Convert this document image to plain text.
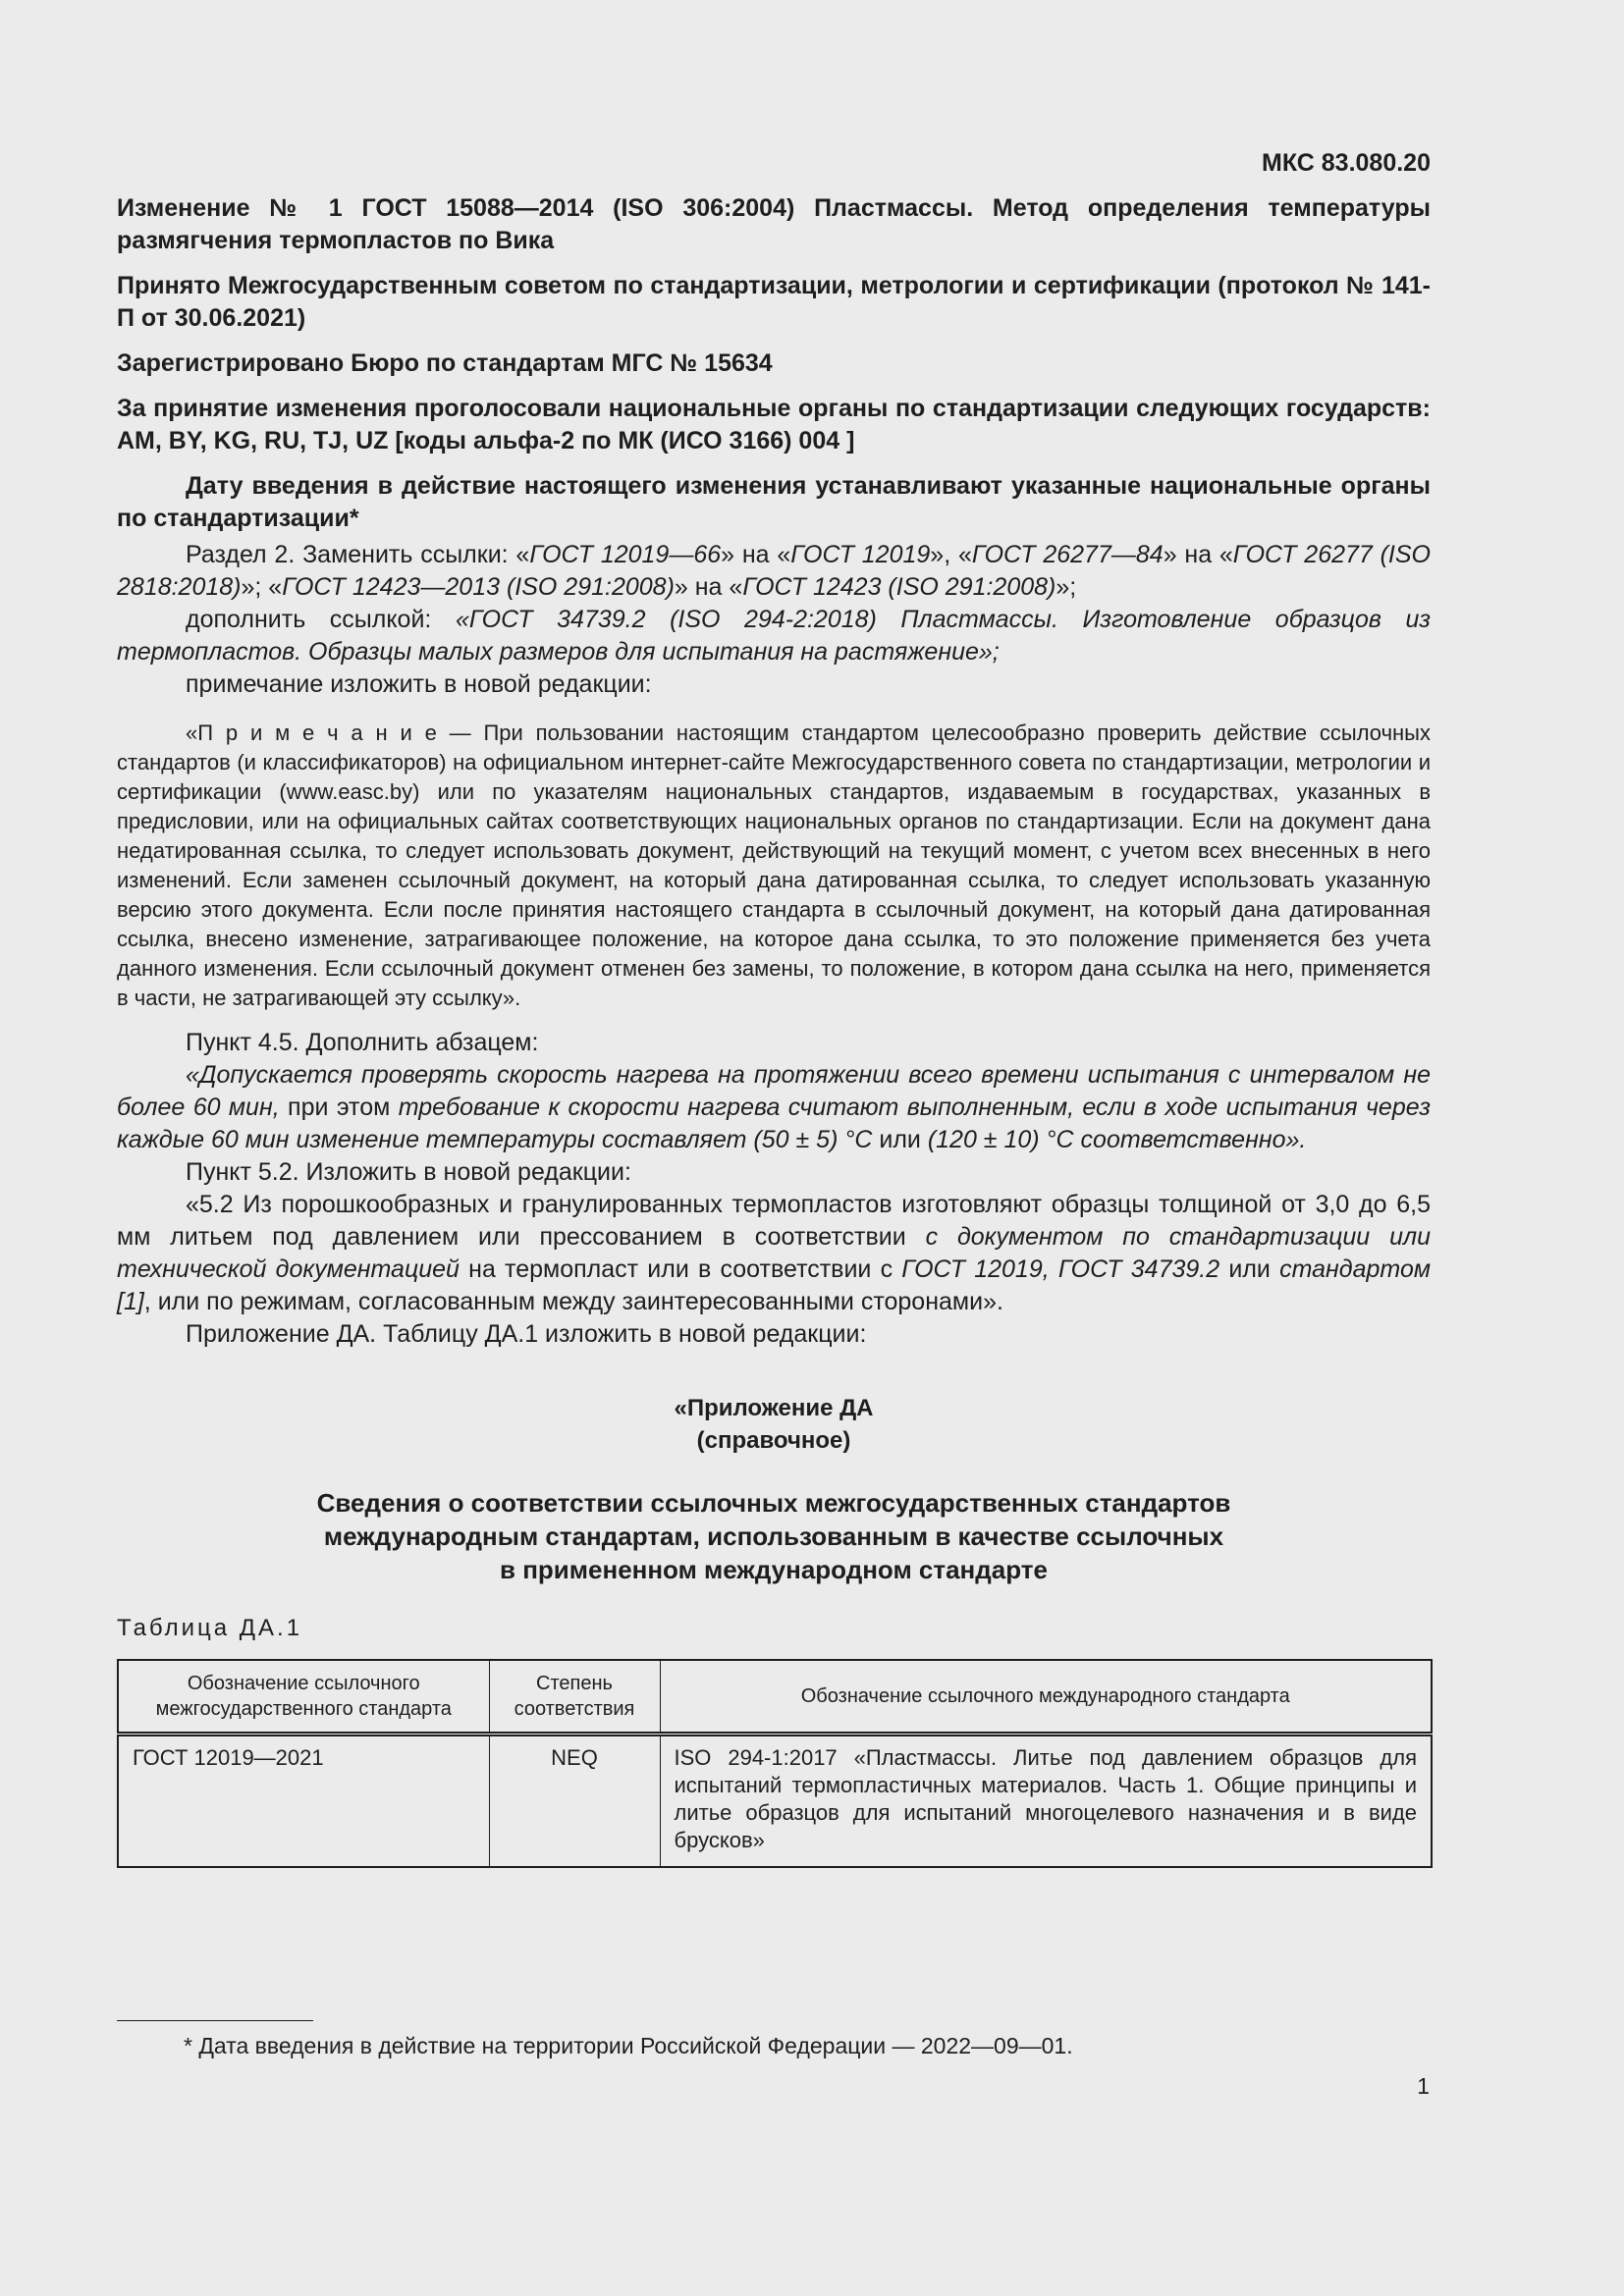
МКС 83.080.20
Изменение № 1 ГОСТ 15088—2014 (ISO 306:2004) Пластмассы. Метод определения температуры размягчения термопластов по Вика
Принято Межгосударственным советом по стандартизации, метрологии и сертификации (протокол № 141-П от 30.06.2021)
Зарегистрировано Бюро по стандартам МГС № 15634
За принятие изменения проголосовали национальные органы по стандартизации следующих государств: AM, BY, KG, RU, TJ, UZ [коды альфа-2 по МК (ИСО 3166) 004 ]
Дату введения в действие настоящего изменения устанавливают указанные национальные органы по стандартизации*

Раздел 2. Заменить ссылки: «ГОСТ 12019—66» на «ГОСТ 12019», «ГОСТ 26277—84» на «ГОСТ 26277 (ISO 2818:2018)»; «ГОСТ 12423—2013 (ISO 291:2008)» на «ГОСТ 12423 (ISO 291:2008)»;

дополнить ссылкой: «ГОСТ 34739.2 (ISO 294-2:2018) Пластмассы. Изготовление образцов из термопластов. Образцы малых размеров для испытания на растяжение»;

примечание изложить в новой редакции:

«П р и м е ч а н и е — При пользовании настоящим стандартом целесообразно проверить действие ссылочных стандартов (и классификаторов) на официальном интернет-сайте Межгосударственного совета по стандартизации, метрологии и сертификации (www.easc.by) или по указателям национальных стандартов, издаваемым в государствах, указанных в предисловии, или на официальных сайтах соответствующих национальных органов по стандартизации. Если на документ дана недатированная ссылка, то следует использовать документ, действующий на текущий момент, с учетом всех внесенных в него изменений. Если заменен ссылочный документ, на который дана датированная ссылка, то следует использовать указанную версию этого документа. Если после принятия настоящего стандарта в ссылочный документ, на который дана датированная ссылка, внесено изменение, затрагивающее положение, на которое дана ссылка, то это положение применяется без учета данного изменения. Если ссылочный документ отменен без замены, то положение, в котором дана ссылка на него, применяется в части, не затрагивающей эту ссылку».

Пункт 4.5. Дополнить абзацем:

«Допускается проверять скорость нагрева на протяжении всего времени испытания с интервалом не более 60 мин, при этом требование к скорости нагрева считают выполненным, если в ходе испытания через каждые 60 мин изменение температуры составляет (50 ± 5) °С или (120 ± 10) °С соответственно».

Пункт 5.2. Изложить в новой редакции:

«5.2 Из порошкообразных и гранулированных термопластов изготовляют образцы толщиной от 3,0 до 6,5 мм литьем под давлением или прессованием в соответствии с документом по стандартизации или технической документацией на термопласт или в соответствии с ГОСТ 12019, ГОСТ 34739.2 или стандартом [1], или по режимам, согласованным между заинтересованными сторонами».

Приложение ДА. Таблицу ДА.1 изложить в новой редакции:

«Приложение ДА
(справочное)
Сведения о соответствии ссылочных межгосударственных стандартов
международным стандартам, использованным в качестве ссылочных
в примененном международном стандарте
Таблица ДА.1
Обозначение ссылочного межгосударственного стандарта	Степень соответствия	Обозначение ссылочного международного стандарта
ГОСТ 12019—2021	NEQ	ISO 294-1:2017 «Пластмассы. Литье под давлением образцов для испытаний термопластичных материалов. Часть 1. Общие принципы и литье образцов для испытаний многоцелевого назначения и в виде брусков»
* Дата введения в действие на территории Российской Федерации — 2022—09—01.
1
